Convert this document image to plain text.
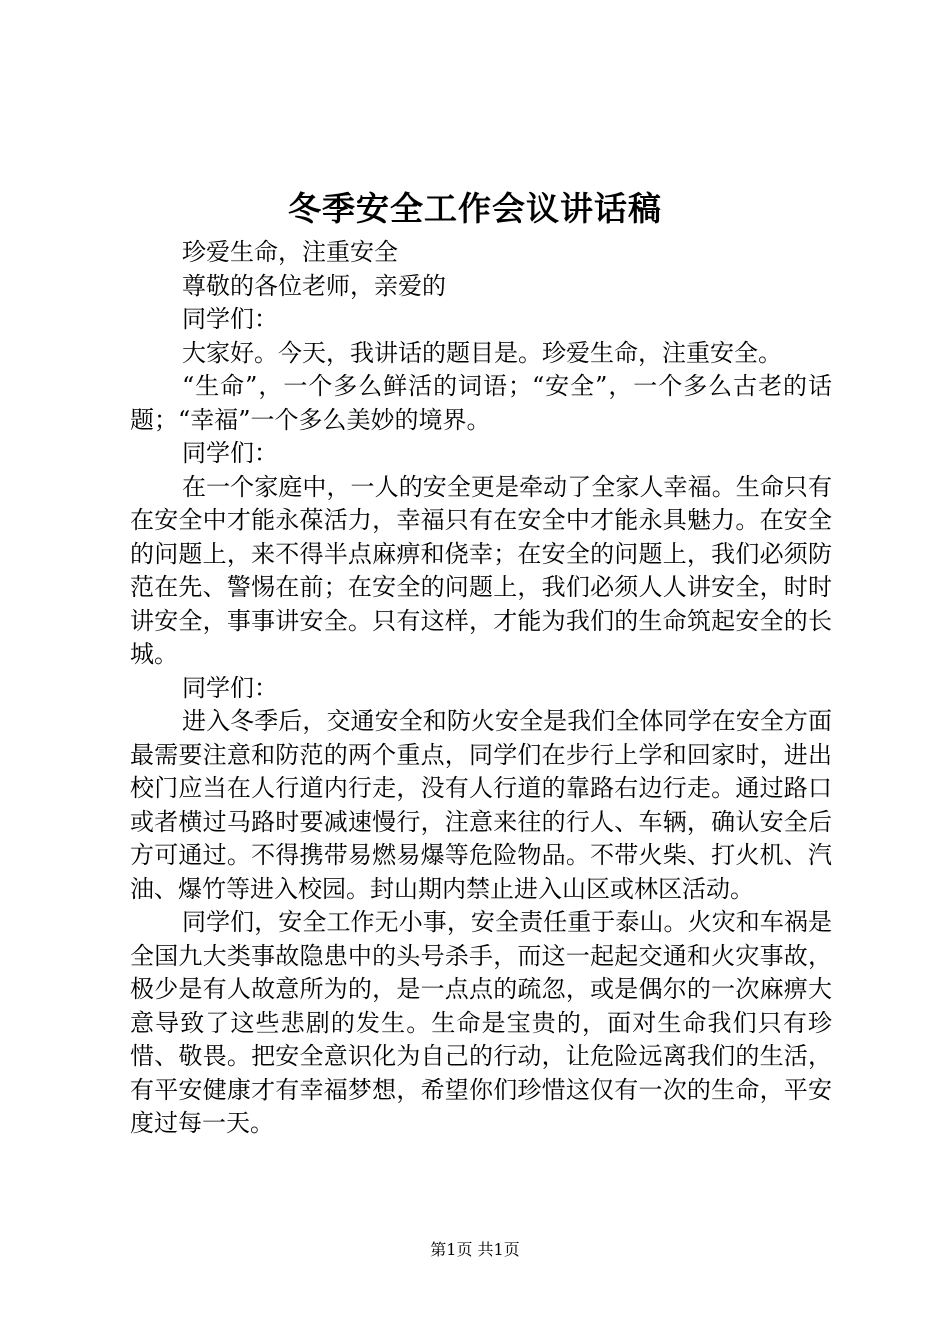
冬季安全工作会议讲话稿

珍爱生命，注重安全

尊敬的各位老师，亲爱的

同学们：

大家好。今天，我讲话的题目是。珍爱生命，注重安全。

“生命”，一个多么鲜活的词语；“安全”，一个多么古老的话题；“幸福”一个多么美妙的境界。

同学们：

在一个家庭中，一人的安全更是牵动了全家人幸福。生命只有在安全中才能永葆活力，幸福只有在安全中才能永具魅力。在安全的问题上，来不得半点麻痹和侥幸；在安全的问题上，我们必须防范在先、警惕在前；在安全的问题上，我们必须人人讲安全，时时讲安全，事事讲安全。只有这样，才能为我们的生命筑起安全的长城。

同学们：

进入冬季后，交通安全和防火安全是我们全体同学在安全方面最需要注意和防范的两个重点，同学们在步行上学和回家时，进出校门应当在人行道内行走，没有人行道的靠路右边行走。通过路口或者横过马路时要减速慢行，注意来往的行人、车辆，确认安全后方可通过。不得携带易燃易爆等危险物品。不带火柴、打火机、汽油、爆竹等进入校园。封山期内禁止进入山区或林区活动。

同学们，安全工作无小事，安全责任重于泰山。火灾和车祸是全国九大类事故隐患中的头号杀手，而这一起起交通和火灾事故，极少是有人故意所为的，是一点点的疏忽，或是偶尔的一次麻痹大意导致了这些悲剧的发生。生命是宝贵的，面对生命我们只有珍惜、敬畏。把安全意识化为自己的行动，让危险远离我们的生活，有平安健康才有幸福梦想，希望你们珍惜这仅有一次的生命，平安度过每一天。

第1页 共1页
